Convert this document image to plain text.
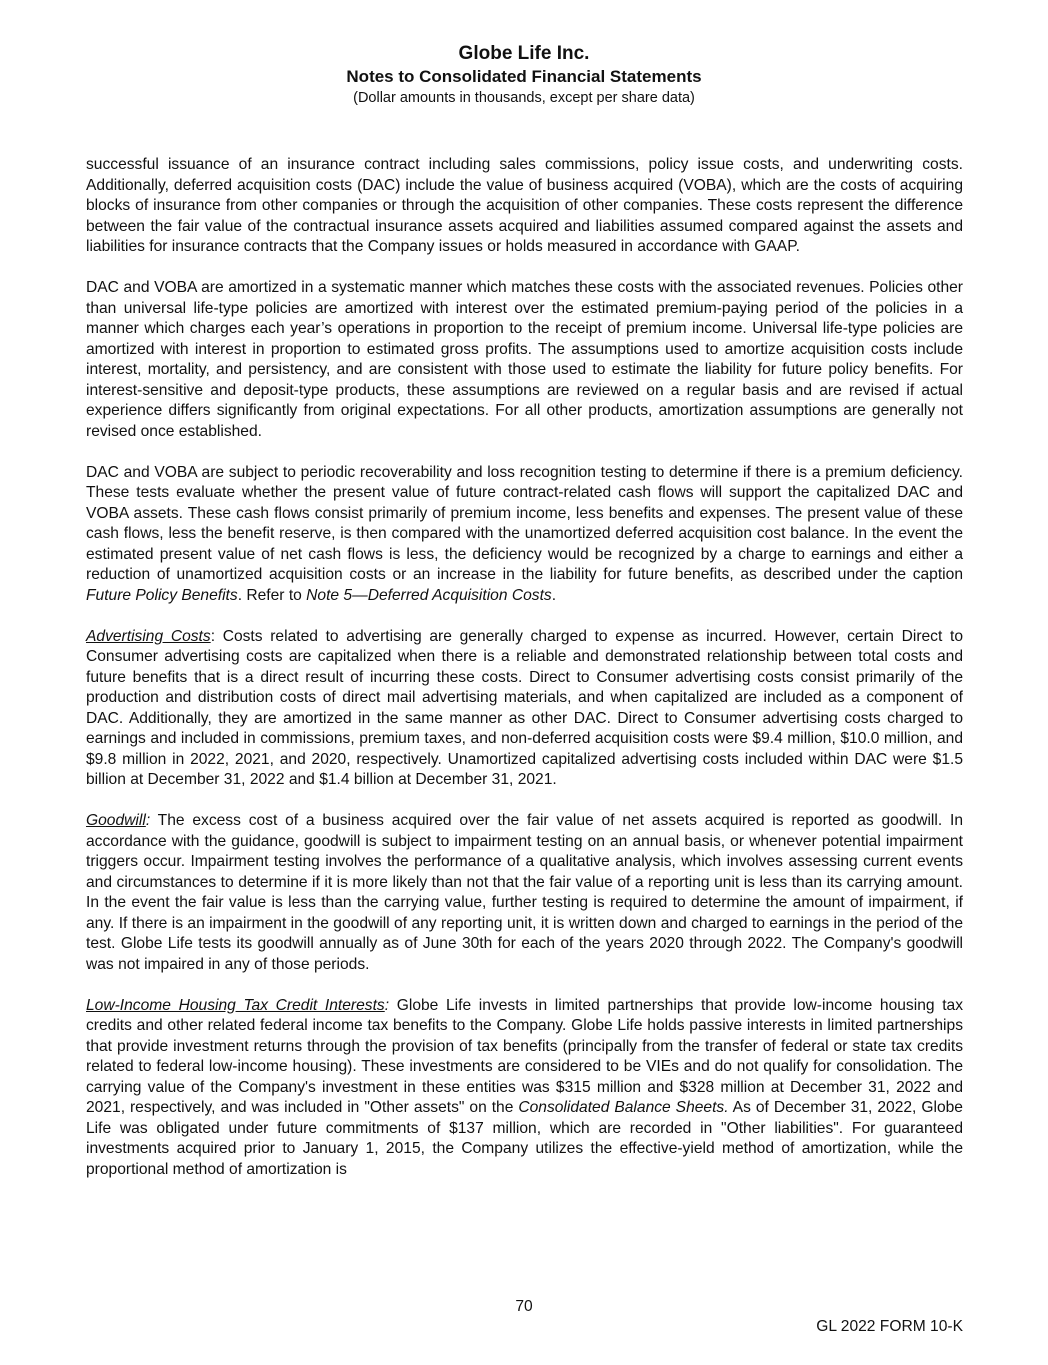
Globe Life Inc.
Notes to Consolidated Financial Statements
(Dollar amounts in thousands, except per share data)

successful issuance of an insurance contract including sales commissions, policy issue costs, and underwriting costs. Additionally, deferred acquisition costs (DAC) include the value of business acquired (VOBA), which are the costs of acquiring blocks of insurance from other companies or through the acquisition of other companies. These costs represent the difference between the fair value of the contractual insurance assets acquired and liabilities assumed compared against the assets and liabilities for insurance contracts that the Company issues or holds measured in accordance with GAAP.

DAC and VOBA are amortized in a systematic manner which matches these costs with the associated revenues. Policies other than universal life-type policies are amortized with interest over the estimated premium-paying period of the policies in a manner which charges each year’s operations in proportion to the receipt of premium income. Universal life-type policies are amortized with interest in proportion to estimated gross profits. The assumptions used to amortize acquisition costs include interest, mortality, and persistency, and are consistent with those used to estimate the liability for future policy benefits. For interest-sensitive and deposit-type products, these assumptions are reviewed on a regular basis and are revised if actual experience differs significantly from original expectations. For all other products, amortization assumptions are generally not revised once established.

DAC and VOBA are subject to periodic recoverability and loss recognition testing to determine if there is a premium deficiency. These tests evaluate whether the present value of future contract-related cash flows will support the capitalized DAC and VOBA assets. These cash flows consist primarily of premium income, less benefits and expenses. The present value of these cash flows, less the benefit reserve, is then compared with the unamortized deferred acquisition cost balance. In the event the estimated present value of net cash flows is less, the deficiency would be recognized by a charge to earnings and either a reduction of unamortized acquisition costs or an increase in the liability for future benefits, as described under the caption Future Policy Benefits. Refer to Note 5—Deferred Acquisition Costs.

Advertising Costs: Costs related to advertising are generally charged to expense as incurred. However, certain Direct to Consumer advertising costs are capitalized when there is a reliable and demonstrated relationship between total costs and future benefits that is a direct result of incurring these costs. Direct to Consumer advertising costs consist primarily of the production and distribution costs of direct mail advertising materials, and when capitalized are included as a component of DAC. Additionally, they are amortized in the same manner as other DAC. Direct to Consumer advertising costs charged to earnings and included in commissions, premium taxes, and non-deferred acquisition costs were $9.4 million, $10.0 million, and $9.8 million in 2022, 2021, and 2020, respectively. Unamortized capitalized advertising costs included within DAC were $1.5 billion at December 31, 2022 and $1.4 billion at December 31, 2021.

Goodwill: The excess cost of a business acquired over the fair value of net assets acquired is reported as goodwill. In accordance with the guidance, goodwill is subject to impairment testing on an annual basis, or whenever potential impairment triggers occur. Impairment testing involves the performance of a qualitative analysis, which involves assessing current events and circumstances to determine if it is more likely than not that the fair value of a reporting unit is less than its carrying amount. In the event the fair value is less than the carrying value, further testing is required to determine the amount of impairment, if any. If there is an impairment in the goodwill of any reporting unit, it is written down and charged to earnings in the period of the test. Globe Life tests its goodwill annually as of June 30th for each of the years 2020 through 2022. The Company's goodwill was not impaired in any of those periods.

Low-Income Housing Tax Credit Interests: Globe Life invests in limited partnerships that provide low-income housing tax credits and other related federal income tax benefits to the Company. Globe Life holds passive interests in limited partnerships that provide investment returns through the provision of tax benefits (principally from the transfer of federal or state tax credits related to federal low-income housing). These investments are considered to be VIEs and do not qualify for consolidation. The carrying value of the Company's investment in these entities was $315 million and $328 million at December 31, 2022 and 2021, respectively, and was included in "Other assets" on the Consolidated Balance Sheets. As of December 31, 2022, Globe Life was obligated under future commitments of $137 million, which are recorded in "Other liabilities". For guaranteed investments acquired prior to January 1, 2015, the Company utilizes the effective-yield method of amortization, while the proportional method of amortization is

70
GL 2022 FORM 10-K
